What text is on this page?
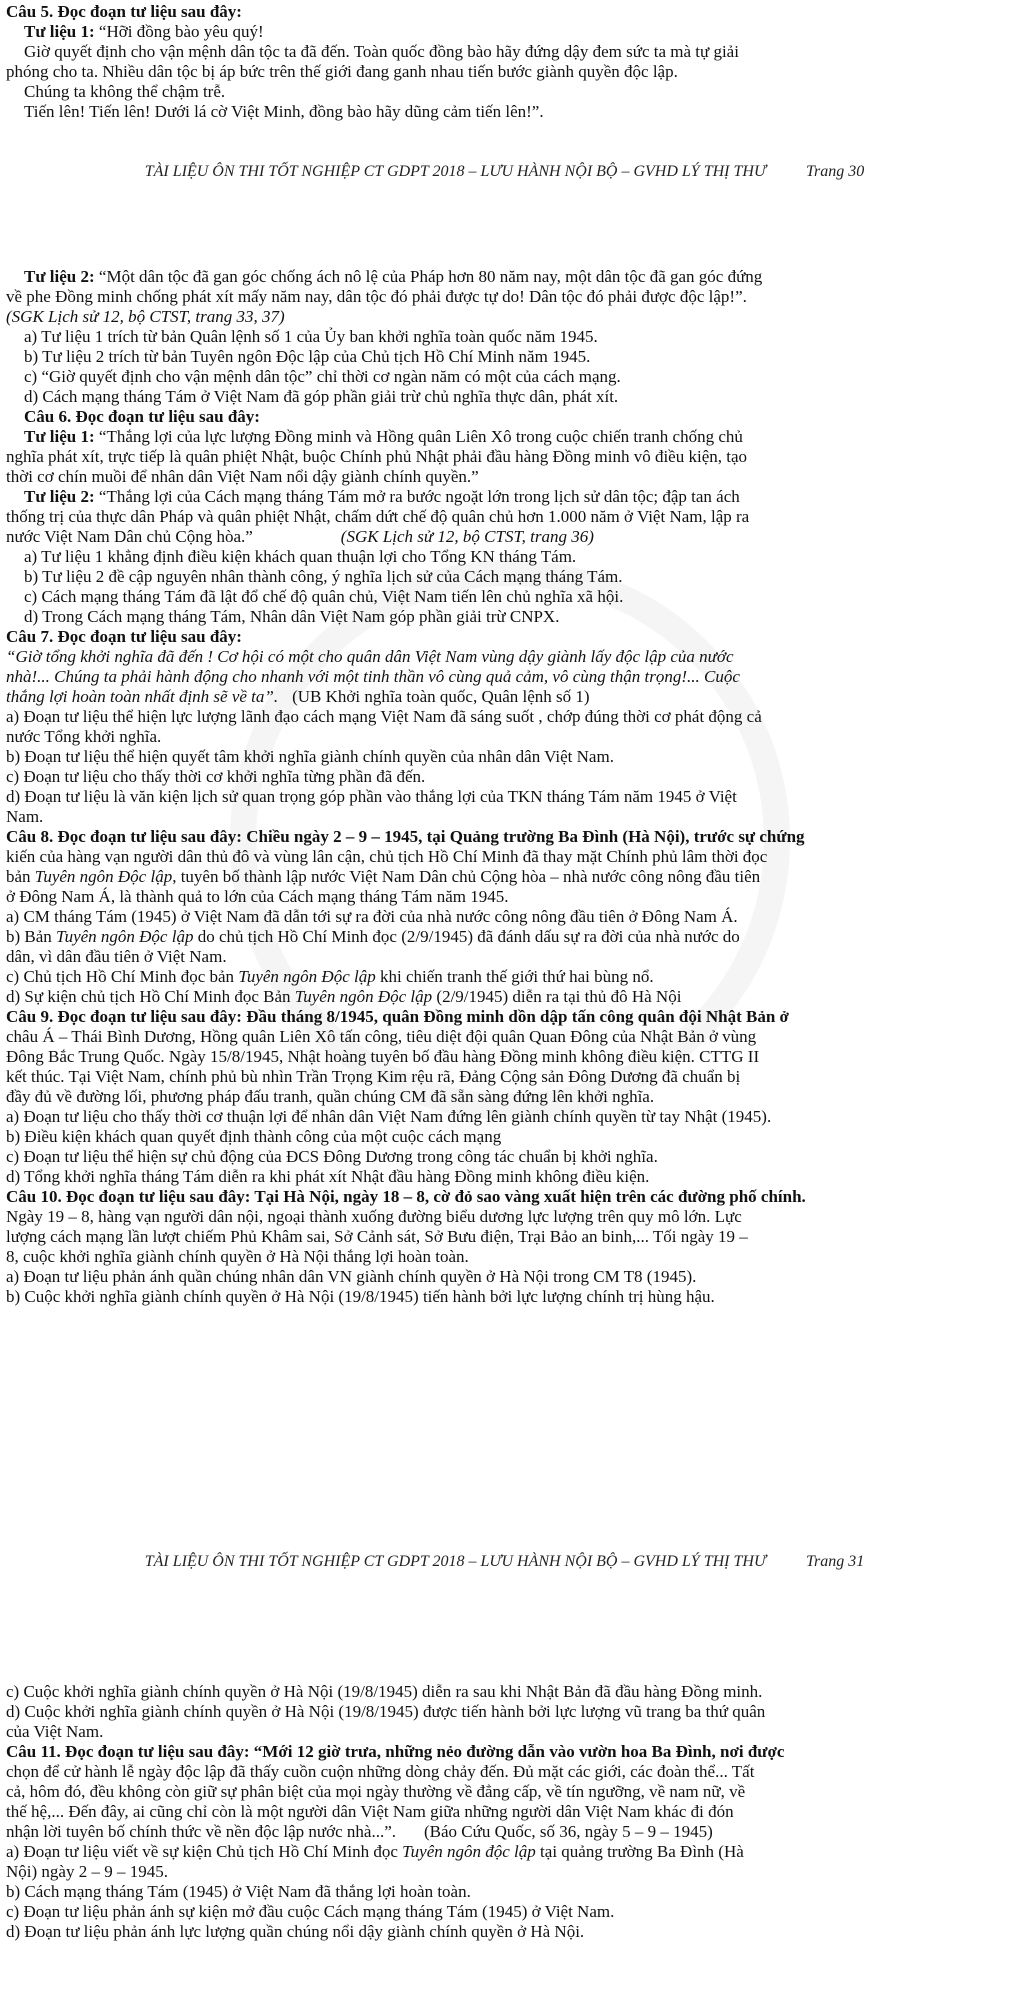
Câu 5. Đọc đoạn tư liệu sau đây:

Tư liệu 1: “Hỡi đồng bào yêu quý!

Giờ quyết định cho vận mệnh dân tộc ta đã đến. Toàn quốc đồng bào hãy đứng dậy đem sức ta mà tự giải

phóng cho ta. Nhiều dân tộc bị áp bức trên thế giới đang ganh nhau tiến bước giành quyền độc lập.

Chúng ta không thể chậm trễ.

Tiến lên! Tiến lên! Dưới lá cờ Việt Minh, đồng bào hãy dũng cảm tiến lên!”.

TÀI LIỆU ÔN THI TỐT NGHIỆP CT GDPT 2018 – LƯU HÀNH NỘI BỘ – GVHD LÝ THỊ THƯ	Trang 30

Tư liệu 2: “Một dân tộc đã gan góc chống ách nô lệ của Pháp hơn 80 năm nay, một dân tộc đã gan góc đứng

về phe Đồng minh chống phát xít mấy năm nay, dân tộc đó phải được tự do! Dân tộc đó phải được độc lập!”.

(SGK Lịch sử 12, bộ CTST, trang 33, 37)

a) Tư liệu 1 trích từ bản Quân lệnh số 1 của Ủy ban khởi nghĩa toàn quốc năm 1945.

b) Tư liệu 2 trích từ bản Tuyên ngôn Độc lập của Chủ tịch Hồ Chí Minh năm 1945.

c) “Giờ quyết định cho vận mệnh dân tộc” chỉ thời cơ ngàn năm có một của cách mạng.

d) Cách mạng tháng Tám ở Việt Nam đã góp phần giải trừ chủ nghĩa thực dân, phát xít.

Câu 6. Đọc đoạn tư liệu sau đây:

Tư liệu 1: “Thắng lợi của lực lượng Đồng minh và Hồng quân Liên Xô trong cuộc chiến tranh chống chủ

nghĩa phát xít, trực tiếp là quân phiệt Nhật, buộc Chính phủ Nhật phải đầu hàng Đồng minh vô điều kiện, tạo

thời cơ chín muồi để nhân dân Việt Nam nổi dậy giành chính quyền.”

Tư liệu 2: “Thắng lợi của Cách mạng tháng Tám mở ra bước ngoặt lớn trong lịch sử dân tộc; đập tan ách

thống trị của thực dân Pháp và quân phiệt Nhật, chấm dứt chế độ quân chủ hơn 1.000 năm ở Việt Nam, lập ra

nước Việt Nam Dân chủ Cộng hòa.”	(SGK Lịch sử 12, bộ CTST, trang 36)

a) Tư liệu 1 khẳng định điều kiện khách quan thuận lợi cho Tổng KN tháng Tám.

b) Tư liệu 2 đề cập nguyên nhân thành công, ý nghĩa lịch sử của Cách mạng tháng Tám.

c) Cách mạng tháng Tám đã lật đổ chế độ quân chủ, Việt Nam tiến lên chủ nghĩa xã hội.

d) Trong Cách mạng tháng Tám, Nhân dân Việt Nam góp phần giải trừ CNPX.

Câu 7. Đọc đoạn tư liệu sau đây:

“Giờ tổng khởi nghĩa đã đến ! Cơ hội có một cho quân dân Việt Nam vùng dậy giành lấy độc lập của nước

nhà!... Chúng ta phải hành động cho nhanh với một tinh thần vô cùng quả cảm, vô cùng thận trọng!... Cuộc

thắng lợi hoàn toàn nhất định sẽ về ta”. (UB Khởi nghĩa toàn quốc, Quân lệnh số 1)

a) Đoạn tư liệu thể hiện lực lượng lãnh đạo cách mạng Việt Nam đã sáng suốt , chớp đúng thời cơ phát động cả

nước Tổng khởi nghĩa.

b) Đoạn tư liệu thể hiện quyết tâm khởi nghĩa giành chính quyền của nhân dân Việt Nam.

c) Đoạn tư liệu cho thấy thời cơ khởi nghĩa từng phần đã đến.

d) Đoạn tư liệu là văn kiện lịch sử quan trọng góp phần vào thắng lợi của TKN tháng Tám năm 1945 ở Việt

Nam.

Câu 8. Đọc đoạn tư liệu sau đây: Chiều ngày 2 – 9 – 1945, tại Quảng trường Ba Đình (Hà Nội), trước sự chứng

kiến của hàng vạn người dân thủ đô và vùng lân cận, chủ tịch Hồ Chí Minh đã thay mặt Chính phủ lâm thời đọc

bản Tuyên ngôn Độc lập, tuyên bố thành lập nước Việt Nam Dân chủ Cộng hòa – nhà nước công nông đầu tiên

ở Đông Nam Á, là thành quả to lớn của Cách mạng tháng Tám năm 1945.

a) CM tháng Tám (1945) ở Việt Nam đã dẫn tới sự ra đời của nhà nước công nông đầu tiên ở Đông Nam Á.

b) Bản Tuyên ngôn Độc lập do chủ tịch Hồ Chí Minh đọc (2/9/1945) đã đánh dấu sự ra đời của nhà nước do

dân, vì dân đầu tiên ở Việt Nam.

c) Chủ tịch Hồ Chí Minh đọc bản Tuyên ngôn Độc lập khi chiến tranh thế giới thứ hai bùng nổ.

d) Sự kiện chủ tịch Hồ Chí Minh đọc Bản Tuyên ngôn Độc lập (2/9/1945) diễn ra tại thủ đô Hà Nội

Câu 9. Đọc đoạn tư liệu sau đây: Đầu tháng 8/1945, quân Đồng minh dồn dập tấn công quân đội Nhật Bản ở

châu Á – Thái Bình Dương, Hồng quân Liên Xô tấn công, tiêu diệt đội quân Quan Đông của Nhật Bản ở vùng

Đông Bắc Trung Quốc. Ngày 15/8/1945, Nhật hoàng tuyên bố đầu hàng Đồng minh không điều kiện. CTTG II

kết thúc. Tại Việt Nam, chính phủ bù nhìn Trần Trọng Kim rệu rã, Đảng Cộng sản Đông Dương đã chuẩn bị

đầy đủ về đường lối, phương pháp đấu tranh, quần chúng CM đã sẵn sàng đứng lên khởi nghĩa.

a) Đoạn tư liệu cho thấy thời cơ thuận lợi để nhân dân Việt Nam đứng lên giành chính quyền từ tay Nhật (1945).

b) Điều kiện khách quan quyết định thành công của một cuộc cách mạng

c) Đoạn tư liệu thể hiện sự chủ động của ĐCS Đông Dương trong công tác chuẩn bị khởi nghĩa.

d) Tổng khởi nghĩa tháng Tám diễn ra khi phát xít Nhật đầu hàng Đồng minh không điều kiện.

Câu 10. Đọc đoạn tư liệu sau đây: Tại Hà Nội, ngày 18 – 8, cờ đỏ sao vàng xuất hiện trên các đường phố chính.

Ngày 19 – 8, hàng vạn người dân nội, ngoại thành xuống đường biểu dương lực lượng trên quy mô lớn. Lực

lượng cách mạng lần lượt chiếm Phủ Khâm sai, Sở Cảnh sát, Sở Bưu điện, Trại Bảo an binh,... Tối ngày 19 –

8, cuộc khởi nghĩa giành chính quyền ở Hà Nội thắng lợi hoàn toàn.

a) Đoạn tư liệu phản ánh quần chúng nhân dân VN giành chính quyền ở Hà Nội trong CM T8 (1945).

b) Cuộc khởi nghĩa giành chính quyền ở Hà Nội (19/8/1945) tiến hành bởi lực lượng chính trị hùng hậu.

TÀI LIỆU ÔN THI TỐT NGHIỆP CT GDPT 2018 – LƯU HÀNH NỘI BỘ – GVHD LÝ THỊ THƯ	Trang 31

c) Cuộc khởi nghĩa giành chính quyền ở Hà Nội (19/8/1945) diễn ra sau khi Nhật Bản đã đầu hàng Đồng minh.

d) Cuộc khởi nghĩa giành chính quyền ở Hà Nội (19/8/1945) được tiến hành bởi lực lượng vũ trang ba thứ quân

của Việt Nam.

Câu 11. Đọc đoạn tư liệu sau đây: “Mới 12 giờ trưa, những nẻo đường dẫn vào vườn hoa Ba Đình, nơi được

chọn để cử hành lễ ngày độc lập đã thấy cuồn cuộn những dòng chảy đến. Đủ mặt các giới, các đoàn thể... Tất

cả, hôm đó, đều không còn giữ sự phân biệt của mọi ngày thường về đẳng cấp, về tín ngưỡng, về nam nữ, về

thế hệ,... Đến đây, ai cũng chỉ còn là một người dân Việt Nam giữa những người dân Việt Nam khác đi đón

nhận lời tuyên bố chính thức về nền độc lập nước nhà...”. (Báo Cứu Quốc, số 36, ngày 5 – 9 – 1945)

a) Đoạn tư liệu viết về sự kiện Chủ tịch Hồ Chí Minh đọc Tuyên ngôn độc lập tại quảng trường Ba Đình (Hà

Nội) ngày 2 – 9 – 1945.

b) Cách mạng tháng Tám (1945) ở Việt Nam đã thắng lợi hoàn toàn.

c) Đoạn tư liệu phản ánh sự kiện mở đầu cuộc Cách mạng tháng Tám (1945) ở Việt Nam.

d) Đoạn tư liệu phản ánh lực lượng quần chúng nổi dậy giành chính quyền ở Hà Nội.
